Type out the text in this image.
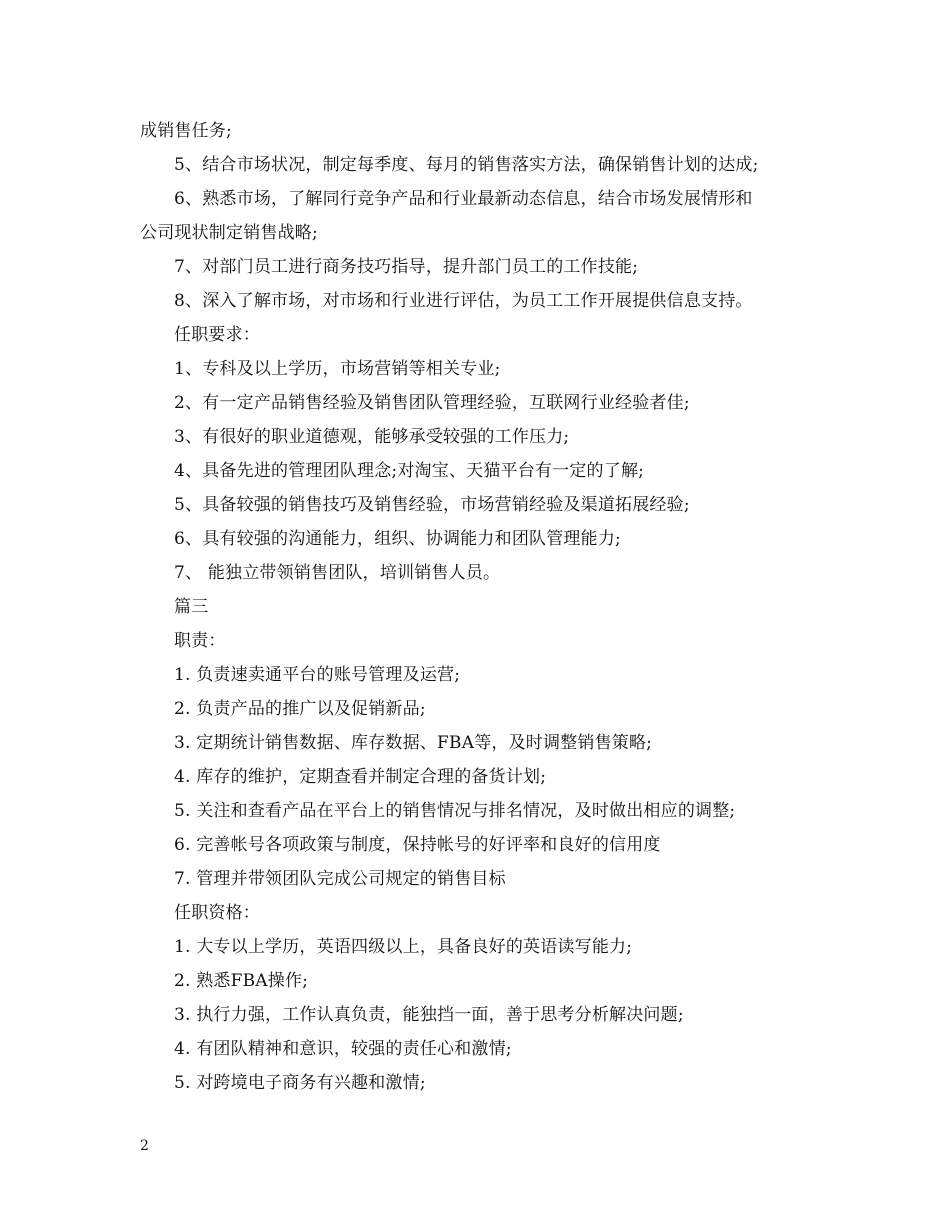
成销售任务;
5、结合市场状况，制定每季度、每月的销售落实方法，确保销售计划的达成;
6、熟悉市场，了解同行竞争产品和行业最新动态信息，结合市场发展情形和
公司现状制定销售战略;
7、对部门员工进行商务技巧指导，提升部门员工的工作技能;
8、深入了解市场，对市场和行业进行评估，为员工工作开展提供信息支持。
任职要求：
1、专科及以上学历，市场营销等相关专业;
2、有一定产品销售经验及销售团队管理经验，互联网行业经验者佳;
3、有很好的职业道德观，能够承受较强的工作压力;
4、具备先进的管理团队理念;对淘宝、天猫平台有一定的了解;
5、具备较强的销售技巧及销售经验，市场营销经验及渠道拓展经验;
6、具有较强的沟通能力，组织、协调能力和团队管理能力;
7、 能独立带领销售团队，培训销售人员。
篇三
职责：
1. 负责速卖通平台的账号管理及运营;
2. 负责产品的推广以及促销新品;
3. 定期统计销售数据、库存数据、FBA等，及时调整销售策略;
4. 库存的维护，定期查看并制定合理的备货计划;
5. 关注和查看产品在平台上的销售情况与排名情况，及时做出相应的调整;
6. 完善帐号各项政策与制度，保持帐号的好评率和良好的信用度
7. 管理并带领团队完成公司规定的销售目标
任职资格：
1. 大专以上学历，英语四级以上，具备良好的英语读写能力;
2. 熟悉FBA操作;
3. 执行力强，工作认真负责，能独挡一面，善于思考分析解决问题;
4. 有团队精神和意识，较强的责任心和激情;
5. 对跨境电子商务有兴趣和激情;
2
